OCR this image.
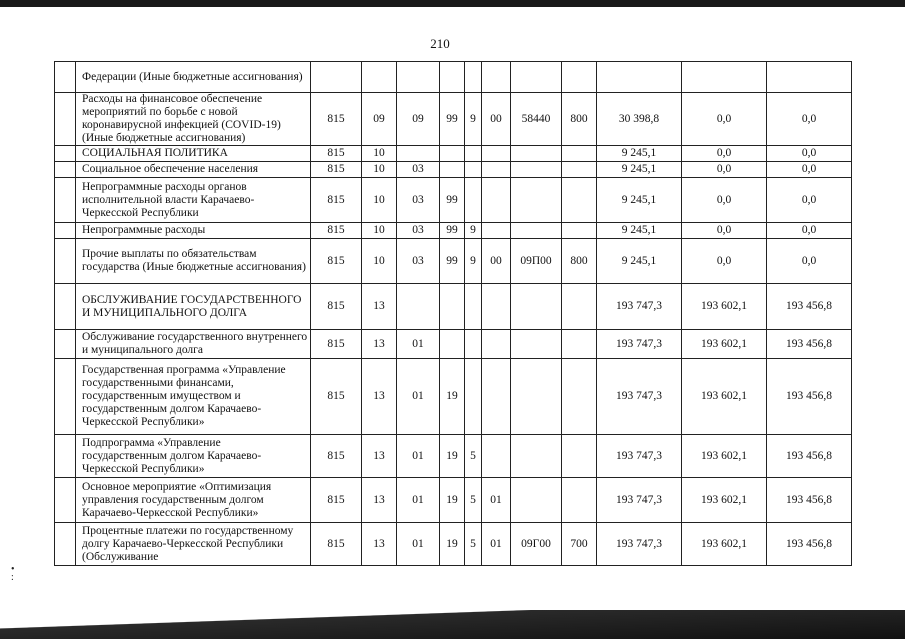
210
	Федерации (Иные бюджетные ассигнования)											
	Расходы на финансовое обеспечение мероприятий по борьбе с новой коронавирусной инфекцией (COVID-19) (Иные бюджетные ассигнования)	815	09	09	99	9	00	58440	800	30 398,8	0,0	0,0
	СОЦИАЛЬНАЯ ПОЛИТИКА	815	10							9 245,1	0,0	0,0
	Социальное обеспечение населения	815	10	03						9 245,1	0,0	0,0
	Непрограммные расходы органов исполнительной власти Карачаево-Черкесской Республики	815	10	03	99					9 245,1	0,0	0,0
	Непрограммные расходы	815	10	03	99	9				9 245,1	0,0	0,0
	Прочие выплаты по обязательствам государства (Иные бюджетные ассигнования)	815	10	03	99	9	00	09П00	800	9 245,1	0,0	0,0
	ОБСЛУЖИВАНИЕ ГОСУДАРСТВЕННОГО И МУНИЦИПАЛЬНОГО ДОЛГА	815	13							193 747,3	193 602,1	193 456,8
	Обслуживание государственного внутреннего и муниципального долга	815	13	01						193 747,3	193 602,1	193 456,8
	Государственная программа «Управление государственными финансами, государственным имуществом и государственным долгом Карачаево-Черкесской Республики»	815	13	01	19					193 747,3	193 602,1	193 456,8
	Подпрограмма «Управление государственным долгом Карачаево-Черкесской Республики»	815	13	01	19	5				193 747,3	193 602,1	193 456,8
	Основное мероприятие «Оптимизация управления государственным долгом Карачаево-Черкесской Республики»	815	13	01	19	5	01			193 747,3	193 602,1	193 456,8
	Процентные платежи по государственному долгу Карачаево-Черкесской Республики (Обслуживание	815	13	01	19	5	01	09Г00	700	193 747,3	193 602,1	193 456,8
•
:
